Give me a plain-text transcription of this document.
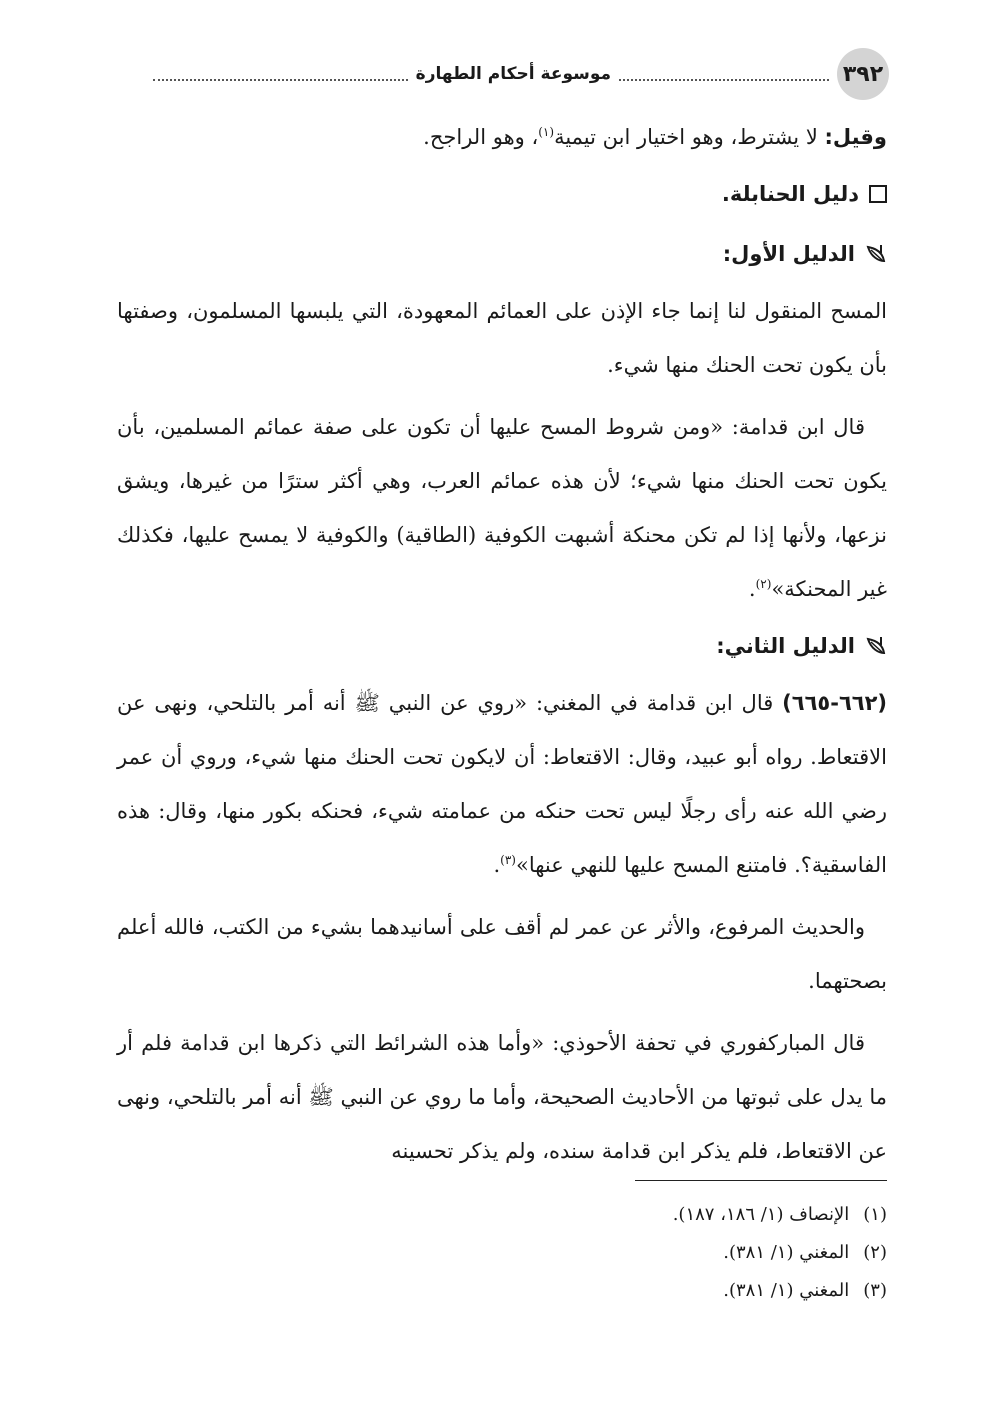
٣٩٢
موسوعة أحكام الطهارة

وقيل: لا يشترط، وهو اختيار ابن تيمية$^{(١)}$، وهو الراجح.

دليل الحنابلة.

الدليل الأول:

المسح المنقول لنا إنما جاء الإذن على العمائم المعهودة، التي يلبسها المسلمون، وصفتها بأن يكون تحت الحنك منها شيء.

قال ابن قدامة: «ومن شروط المسح عليها أن تكون على صفة عمائم المسلمين، بأن يكون تحت الحنك منها شيء؛ لأن هذه عمائم العرب، وهي أكثر سترًا من غيرها، ويشق نزعها، ولأنها إذا لم تكن محنكة أشبهت الكوفية (الطاقية) والكوفية لا يمسح عليها، فكذلك غير المحنكة»$^{(٢)}$.

الدليل الثاني:

(٦٦٢-٦٦٥) قال ابن قدامة في المغني: «روي عن النبي ﷺ أنه أمر بالتلحي، ونهى عن الاقتعاط. رواه أبو عبيد، وقال: الاقتعاط: أن لايكون تحت الحنك منها شيء، وروي أن عمر رضي الله عنه رأى رجلًا ليس تحت حنكه من عمامته شيء، فحنكه بكور منها، وقال: هذه الفاسقية؟. فامتنع المسح عليها للنهي عنها»$^{(٣)}$.

والحديث المرفوع، والأثر عن عمر لم أقف على أسانيدهما بشيء من الكتب، فالله أعلم بصحتهما.

قال المباركفوري في تحفة الأحوذي: «وأما هذه الشرائط التي ذكرها ابن قدامة فلم أر ما يدل على ثبوتها من الأحاديث الصحيحة، وأما ما روي عن النبي ﷺ أنه أمر بالتلحي، ونهى عن الاقتعاط، فلم يذكر ابن قدامة سنده، ولم يذكر تحسينه

(١)
الإنصاف (١/ ١٨٦، ١٨٧).

(٢)
المغني (١/ ٣٨١).

(٣)
المغني (١/ ٣٨١).
